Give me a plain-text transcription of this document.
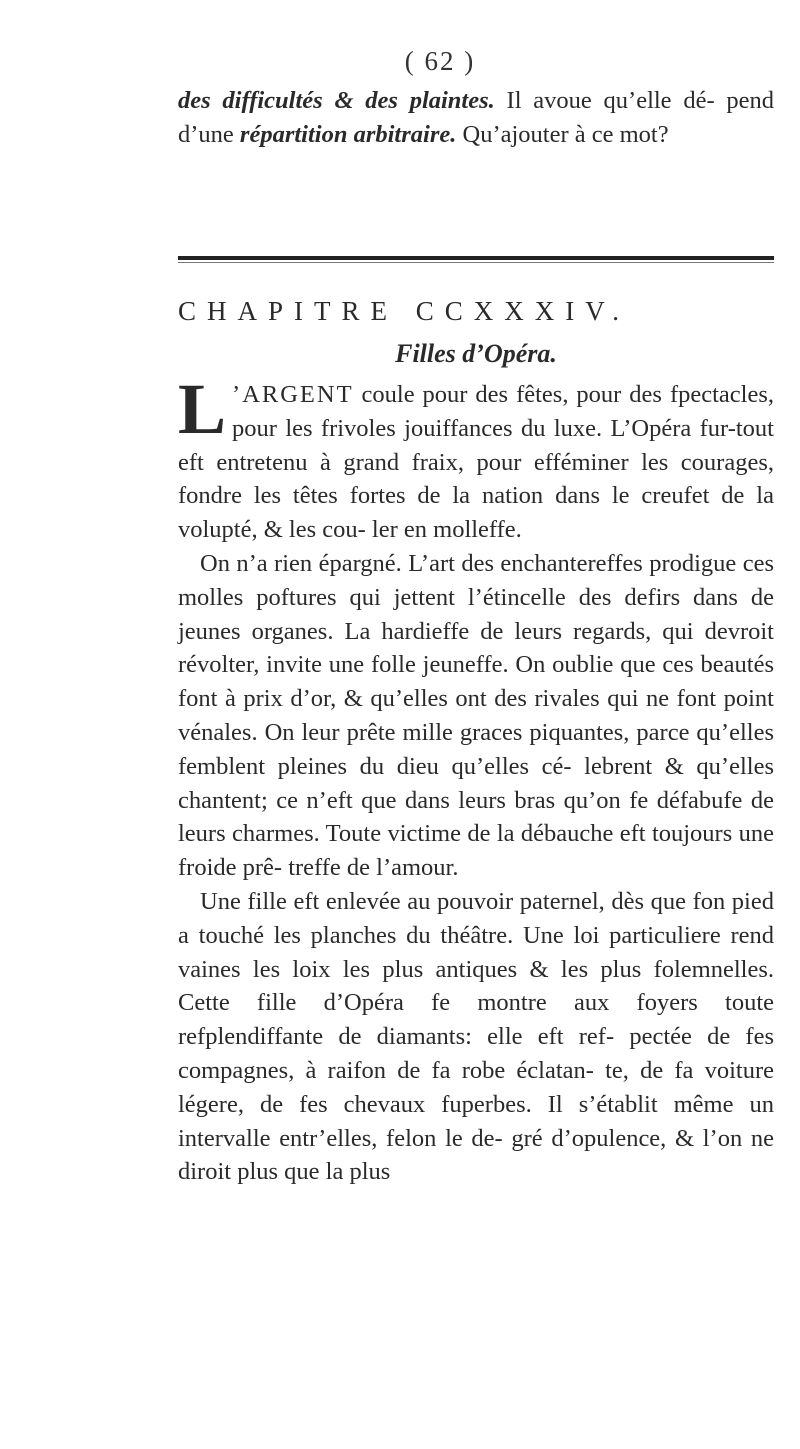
( 62 )

des difficultés & des plaintes. Il avoue qu’elle dé- pend d’une répartition arbitraire. Qu’ajouter à ce mot?

CHAPITRE CCXXXIV.
Filles d’Opéra.

L ’ARGENT coule pour des fêtes, pour des fpectacles, pour les frivoles jouiffances du luxe. L’Opéra fur-tout eft entretenu à grand fraix, pour efféminer les courages, fondre les têtes fortes de la nation dans le creufet de la volupté, & les cou- ler en molleffe.

On n’a rien épargné. L’art des enchantereffes prodigue ces molles poftures qui jettent l’étincelle des defirs dans de jeunes organes. La hardieffe de leurs regards, qui devroit révolter, invite une folle jeuneffe. On oublie que ces beautés font à prix d’or, & qu’elles ont des rivales qui ne font point vénales. On leur prête mille graces piquantes, parce qu’elles femblent pleines du dieu qu’elles cé- lebrent & qu’elles chantent; ce n’eft que dans leurs bras qu’on fe défabufe de leurs charmes. Toute victime de la débauche eft toujours une froide prê- treffe de l’amour.

Une fille eft enlevée au pouvoir paternel, dès que fon pied a touché les planches du théâtre. Une loi particuliere rend vaines les loix les plus antiques & les plus folemnelles. Cette fille d’Opéra fe montre aux foyers toute refplendiffante de diamants: elle eft ref- pectée de fes compagnes, à raifon de fa robe éclatan- te, de fa voiture légere, de fes chevaux fuperbes. Il s’établit même un intervalle entr’elles, felon le de- gré d’opulence, & l’on ne diroit plus que la plus
